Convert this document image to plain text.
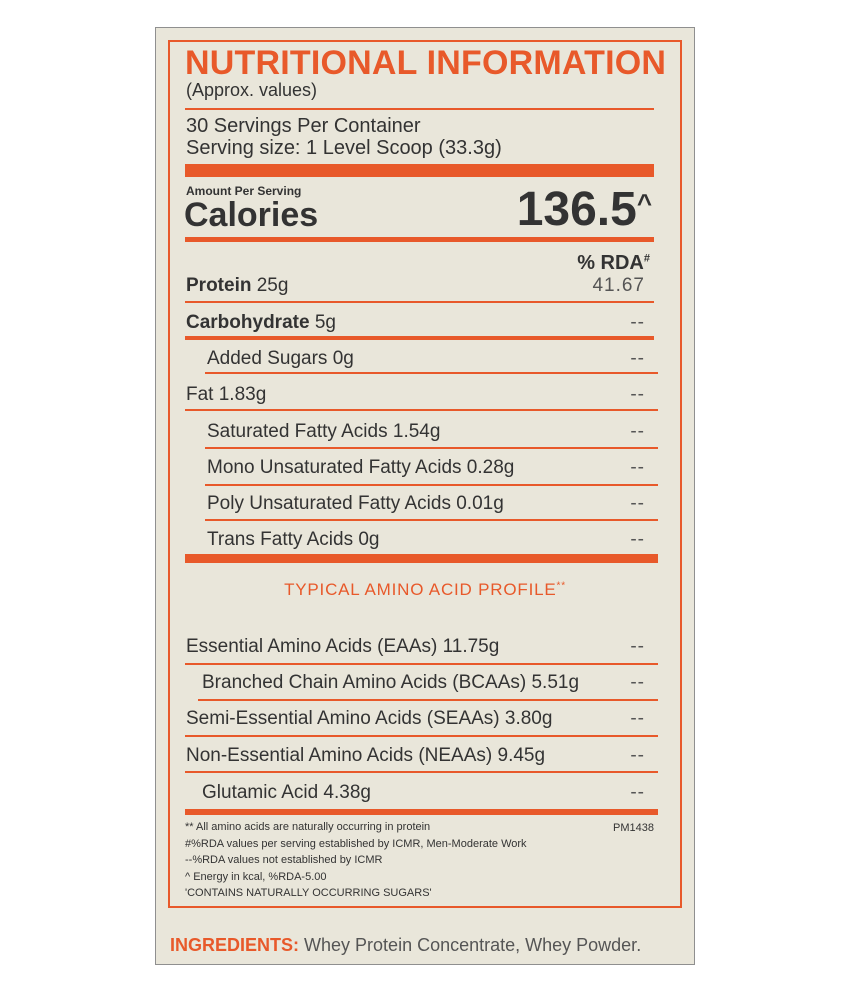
NUTRITIONAL INFORMATION
(Approx. values)
30 Servings Per Container
Serving size: 1 Level Scoop (33.3g)
Amount Per Serving
Calories	136.5^
% RDA#
Protein 25g	41.67
Carbohydrate 5g	--
Added Sugars 0g	--
Fat 1.83g	--
Saturated Fatty Acids 1.54g	--
Mono Unsaturated Fatty Acids 0.28g	--
Poly Unsaturated Fatty Acids 0.01g	--
Trans Fatty Acids 0g	--
TYPICAL AMINO ACID PROFILE**
Essential Amino Acids (EAAs) 11.75g	--
Branched Chain Amino Acids (BCAAs) 5.51g	--
Semi-Essential Amino Acids (SEAAs) 3.80g	--
Non-Essential Amino Acids (NEAAs) 9.45g	--
Glutamic Acid 4.38g	--
** All amino acids are naturally occurring in protein
#%RDA values per serving established by ICMR, Men-Moderate Work
--%RDA values not established by ICMR
^ Energy in kcal, %RDA-5.00
'CONTAINS NATURALLY OCCURRING SUGARS'
PM1438
INGREDIENTS: Whey Protein Concentrate, Whey Powder.
